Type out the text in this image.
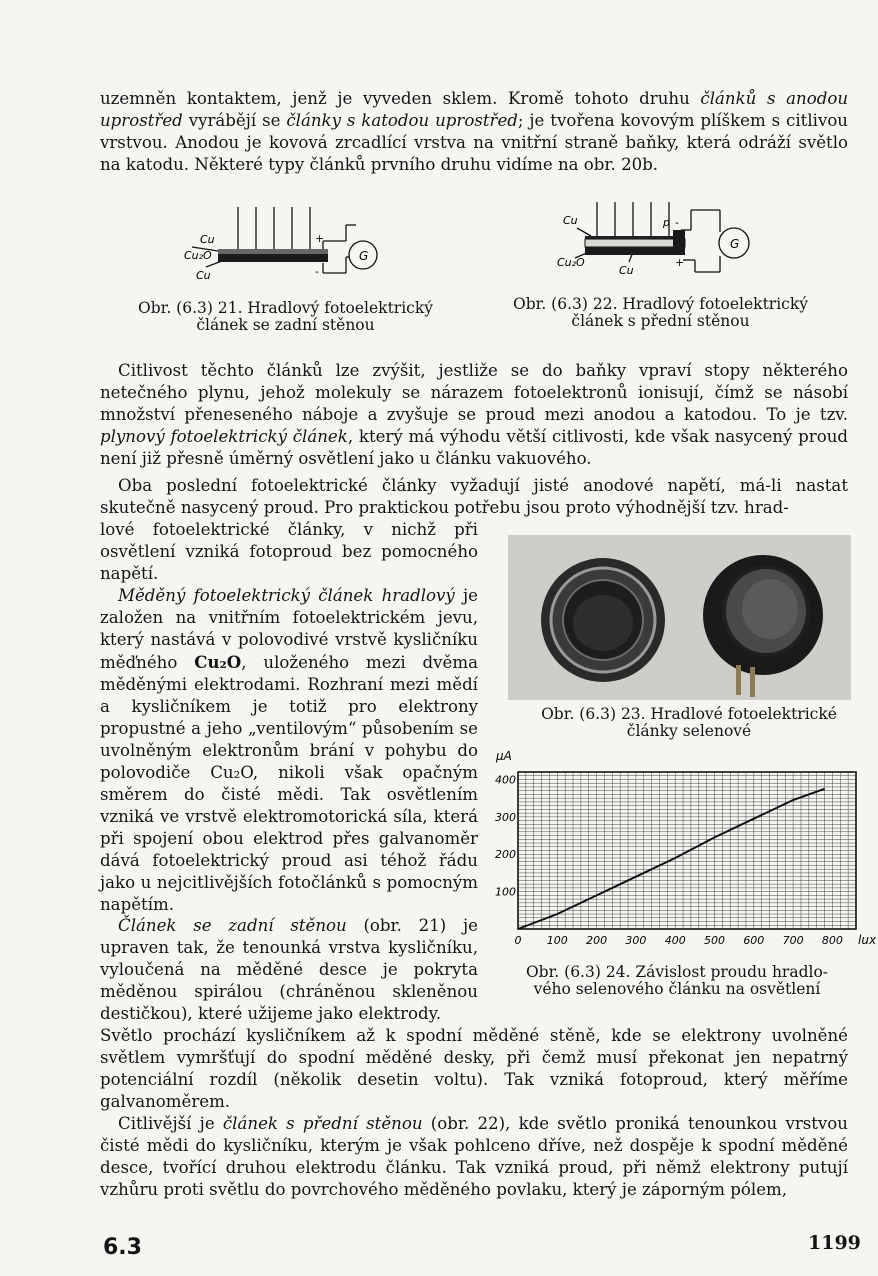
uzemněn kontaktem, jenž je vyveden sklem. Kromě tohoto druhu článků s anodou uprostřed vyrábějí se články s katodou uprostřed; je tvořena kovovým plíškem s citlivou vrstvou. Anodou je kovová zrcadlící vrstva na vnitřní straně baňky, která odráží světlo na katodu. Některé typy článků prvního druhu vidíme na obr. 20b.

Cu
Cu₂O
Cu
+
-
G

Obr. (6.3) 21. Hradlový fotoelektrický
článek se zadní stěnou

Cu	p -
Cu₂O
Cu
+
G

Obr. (6.3) 22. Hradlový fotoelektrický
článek s přední stěnou

Citlivost těchto článků lze zvýšit, jestliže se do baňky vpraví stopy některého netečného plynu, jehož molekuly se nárazem fotoelektronů ionisují, čímž se násobí množství přeneseného náboje a zvyšuje se proud mezi anodou a katodou. To je tzv. plynový fotoelektrický článek, který má výhodu větší citlivosti, kde však nasycený proud není již přesně úměrný osvětlení jako u článku vakuového.

Oba poslední fotoelektrické články vyžadují jisté anodové napětí, má-li nastat skutečně nasycený proud. Pro praktickou potřebu jsou proto výhodnější tzv. hrad-

lové fotoelektrické články, v nichž při osvětlení vzniká fotoproud bez pomocného napětí.

Obr. (6.3) 23. Hradlové fotoelektrické
články selenové

Měděný fotoelektrický článek hradlový je založen na vnitřním fotoelektrickém jevu, který nastává v polovodivé vrstvě kysličníku měďného Cu₂O, uloženého mezi dvěma měděnými elektrodami. Rozhraní mezi mědí a kysličníkem je totiž pro elektrony propustné a jeho „ventilovým“ působením se uvolněným elektronům brání v pohybu do polovodiče Cu₂O, nikoli však opačným směrem do čisté mědi. Tak osvětlením vzniká ve vrstvě elektromotorická síla, která při spojení obou elektrod přes galvanoměr dává fotoelektrický proud asi téhož řádu jako u nejcitlivějších fotočlánků s pomocným napětím.

Článek se zadní stěnou (obr. 21) je upraven tak, že tenounká vrstva kysličníku, vyloučená na měděné desce je pokryta měděnou spirálou (chráněnou skleněnou destičkou), které užijeme jako elektrody.

Světlo prochází kysličníkem až k spodní měděné stěně, kde se elektrony uvolněné světlem vymršťují do spodní měděné desky, při čemž musí překonat jen nepatrný potenciální rozdíl (několik desetin voltu). Tak vzniká fotoproud, který měříme galvanoměrem.

0 100 200 300 400 500 600 700 800
100
200
300
400
μA
lux

Obr. (6.3) 24. Závislost proudu hradlo-
vého selenového článku na osvětlení

Citlivější je článek s přední stěnou (obr. 22), kde světlo proniká tenounkou vrstvou čisté mědi do kysličníku, kterým je však pohlceno dříve, než dospěje k spodní měděné desce, tvořící druhou elektrodu článku. Tak vzniká proud, při němž elektrony putují vzhůru proti světlu do povrchového měděného povlaku, který je záporným pólem,

6.3	1199
